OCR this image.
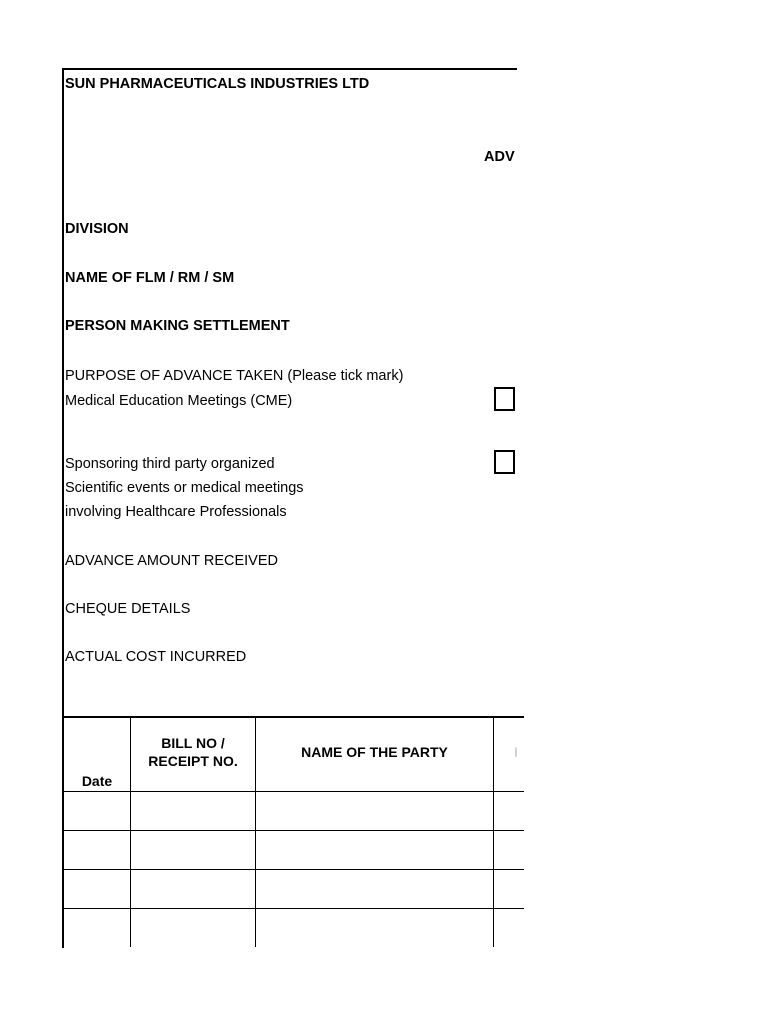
SUN PHARMACEUTICALS INDUSTRIES LTD
ADV
DIVISION
NAME OF FLM / RM / SM
PERSON MAKING SETTLEMENT
PURPOSE OF ADVANCE TAKEN (Please tick mark)
Medical Education Meetings (CME)
Sponsoring third party organized
Scientific events or medical meetings
involving Healthcare Professionals
ADVANCE AMOUNT RECEIVED
CHEQUE DETAILS
ACTUAL COST INCURRED
Date
BILL NO /
RECEIPT NO.
NAME OF THE PARTY	I
